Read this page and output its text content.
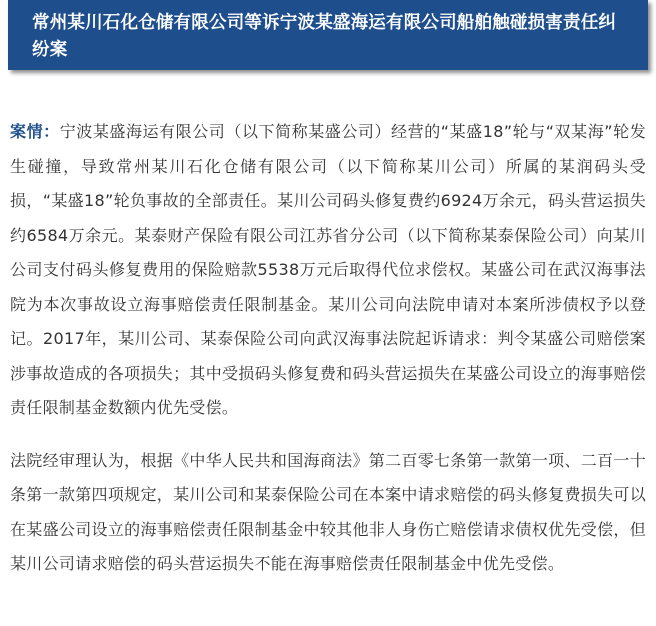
常州某川石化仓储有限公司等诉宁波某盛海运有限公司船舶触碰损害责任纠纷案

案情：宁波某盛海运有限公司（以下简称某盛公司）经营的“某盛18”轮与“双某海”轮发生碰撞，导致常州某川石化仓储有限公司（以下简称某川公司）所属的某润码头受损，“某盛18”轮负事故的全部责任。某川公司码头修复费约6924万余元，码头营运损失约6584万余元。某泰财产保险有限公司江苏省分公司（以下简称某泰保险公司）向某川公司支付码头修复费用的保险赔款5538万元后取得代位求偿权。某盛公司在武汉海事法院为本次事故设立海事赔偿责任限制基金。某川公司向法院申请对本案所涉债权予以登记。2017年，某川公司、某泰保险公司向武汉海事法院起诉请求：判令某盛公司赔偿案涉事故造成的各项损失；其中受损码头修复费和码头营运损失在某盛公司设立的海事赔偿责任限制基金数额内优先受偿。

法院经审理认为，根据《中华人民共和国海商法》第二百零七条第一款第一项、二百一十条第一款第四项规定，某川公司和某泰保险公司在本案中请求赔偿的码头修复费损失可以在某盛公司设立的海事赔偿责任限制基金中较其他非人身伤亡赔偿请求债权优先受偿，但某川公司请求赔偿的码头营运损失不能在海事赔偿责任限制基金中优先受偿。
